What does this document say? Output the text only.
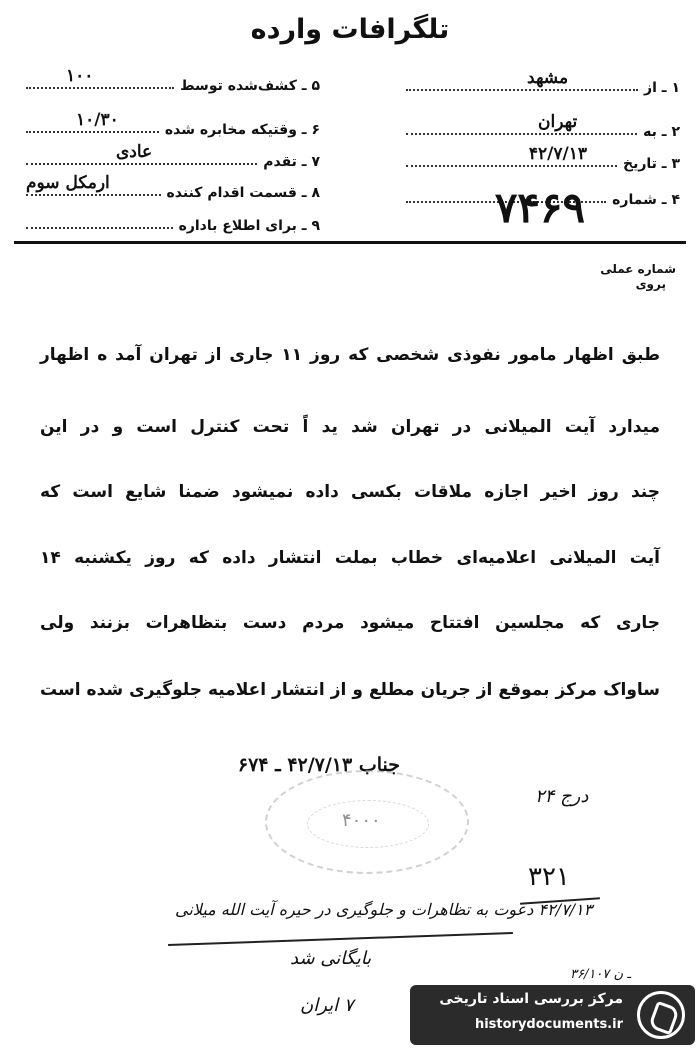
تلگرافات وارده
۵ ـ کشف‌شده توسط
۱۰۰
۶ ـ وقتیکه مخابره شده
۱۰/۳۰
۷ ـ تقدم
عادی
۸ ـ قسمت اقدام کننده
ارمکل سوم
۹ ـ برای اطلاع باداره
۱ ـ از
مشهد
۲ ـ به
تهران
۳ ـ تاریخ
۴۲/۷/۱۳
۴ ـ شماره
۷۴۶۹
شماره عملی
پروی
طبق اظهار مامور نفوذی شخصی که روز ۱۱ جاری از تهران آمد ه اظهار
میدارد آیت المیلانی در تهران شد ید اً تحت کنترل است و در این
چند روز اخیر اجازه ملاقات بکسی داده نمیشود ضمنا شایع است که
آیت المیلانی اعلامیه‌ای خطاب بملت انتشار داده که روز یکشنبه ۱۴
جاری که مجلسین افتتاح میشود مردم دست بتظاهرات بزنند ولی
ساواک مرکز بموقع از جریان مطلع و از انتشار اعلامیه جلوگیری شده است
جناب ۴۲/۷/۱۳ ـ ۶۷۴
درج ۲۴
۴۰۰۰
۳۲۱
۴۲/۷/۱۳ دعوت به تظاهرات و جلوگیری در حیره آیت الله میلانی
بایگانی شد
۷ ایران
۳۶/۱۰۷ ـ ن
مرکز بررسی اسناد تاریخی
historydocuments.ir
